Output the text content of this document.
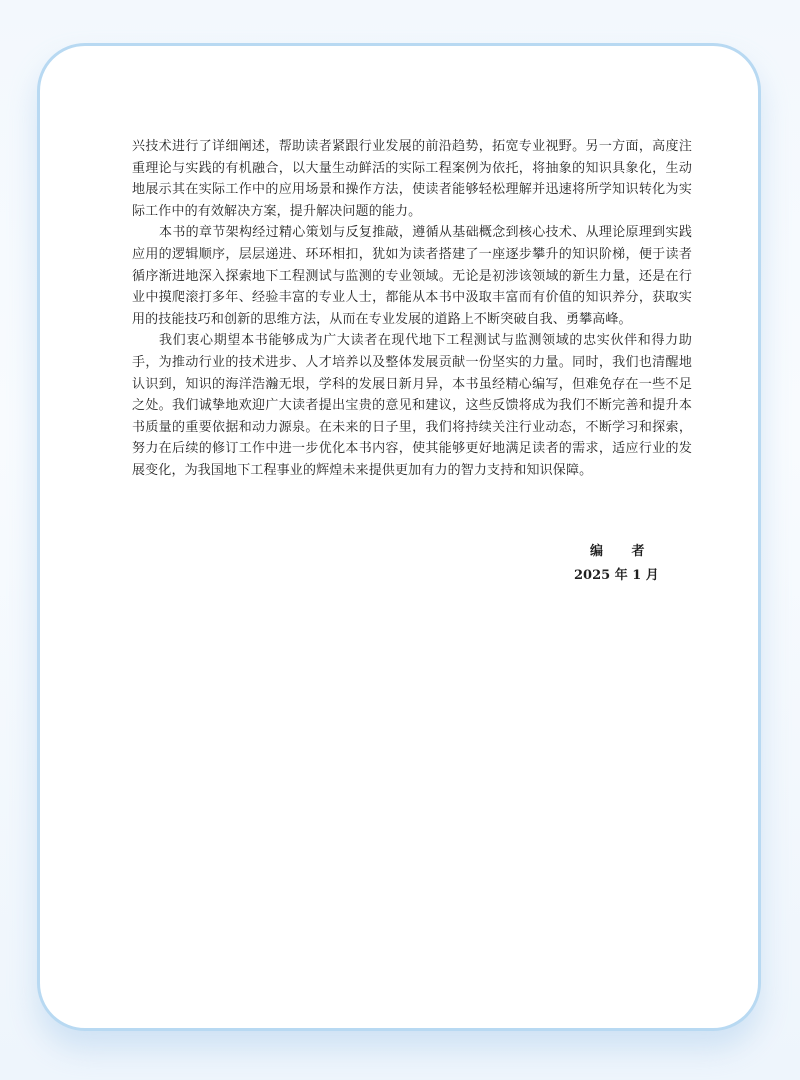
兴技术进行了详细阐述，帮助读者紧跟行业发展的前沿趋势，拓宽专业视野。另一方面，高度注重理论与实践的有机融合，以大量生动鲜活的实际工程案例为依托，将抽象的知识具象化，生动地展示其在实际工作中的应用场景和操作方法，使读者能够轻松理解并迅速将所学知识转化为实际工作中的有效解决方案，提升解决问题的能力。

本书的章节架构经过精心策划与反复推敲，遵循从基础概念到核心技术、从理论原理到实践应用的逻辑顺序，层层递进、环环相扣，犹如为读者搭建了一座逐步攀升的知识阶梯，便于读者循序渐进地深入探索地下工程测试与监测的专业领域。无论是初涉该领域的新生力量，还是在行业中摸爬滚打多年、经验丰富的专业人士，都能从本书中汲取丰富而有价值的知识养分，获取实用的技能技巧和创新的思维方法，从而在专业发展的道路上不断突破自我、勇攀高峰。

我们衷心期望本书能够成为广大读者在现代地下工程测试与监测领域的忠实伙伴和得力助手，为推动行业的技术进步、人才培养以及整体发展贡献一份坚实的力量。同时，我们也清醒地认识到，知识的海洋浩瀚无垠，学科的发展日新月异，本书虽经精心编写，但难免存在一些不足之处。我们诚挚地欢迎广大读者提出宝贵的意见和建议，这些反馈将成为我们不断完善和提升本书质量的重要依据和动力源泉。在未来的日子里，我们将持续关注行业动态，不断学习和探索，努力在后续的修订工作中进一步优化本书内容，使其能够更好地满足读者的需求，适应行业的发展变化，为我国地下工程事业的辉煌未来提供更加有力的智力支持和知识保障。

编 者
2025 年 1 月
